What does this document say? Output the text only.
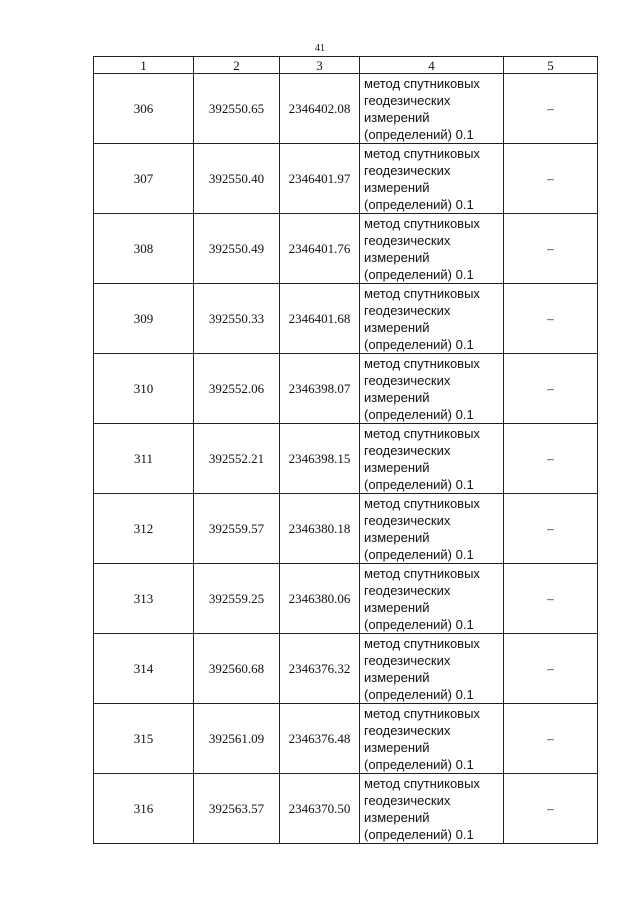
41
1	2	3	4	5
306	392550.65	2346402.08	метод спутниковых
геодезических
измерений
(определений) 0.1	–
307	392550.40	2346401.97	метод спутниковых
геодезических
измерений
(определений) 0.1	–
308	392550.49	2346401.76	метод спутниковых
геодезических
измерений
(определений) 0.1	–
309	392550.33	2346401.68	метод спутниковых
геодезических
измерений
(определений) 0.1	–
310	392552.06	2346398.07	метод спутниковых
геодезических
измерений
(определений) 0.1	–
311	392552.21	2346398.15	метод спутниковых
геодезических
измерений
(определений) 0.1	–
312	392559.57	2346380.18	метод спутниковых
геодезических
измерений
(определений) 0.1	–
313	392559.25	2346380.06	метод спутниковых
геодезических
измерений
(определений) 0.1	–
314	392560.68	2346376.32	метод спутниковых
геодезических
измерений
(определений) 0.1	–
315	392561.09	2346376.48	метод спутниковых
геодезических
измерений
(определений) 0.1	–
316	392563.57	2346370.50	метод спутниковых
геодезических
измерений
(определений) 0.1	–
